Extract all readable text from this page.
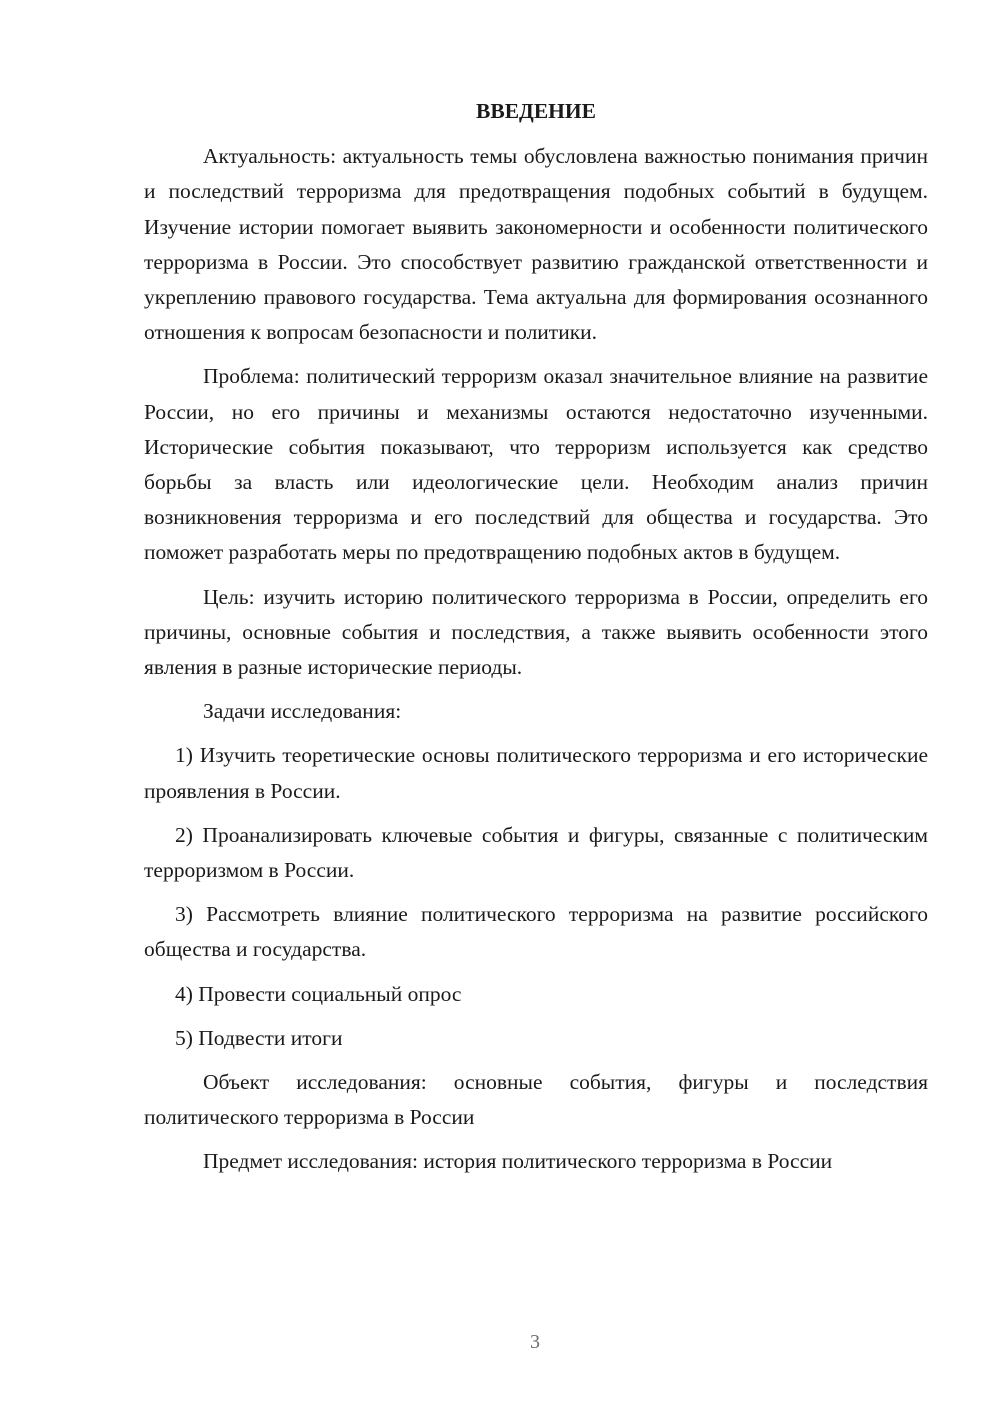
ВВЕДЕНИЕ

Актуальность: актуальность темы обусловлена важностью понимания причин и последствий терроризма для предотвращения подобных событий в будущем. Изучение истории помогает выявить закономерности и особенности политического терроризма в России. Это способствует развитию гражданской ответственности и укреплению правового государства. Тема актуальна для формирования осознанного отношения к вопросам безопасности и политики.

Проблема: политический терроризм оказал значительное влияние на развитие России, но его причины и механизмы остаются недостаточно изученными. Исторические события показывают, что терроризм используется как средство борьбы за власть или идеологические цели. Необходим анализ причин возникновения терроризма и его последствий для общества и государства. Это поможет разработать меры по предотвращению подобных актов в будущем.

Цель: изучить историю политического терроризма в России, определить его причины, основные события и последствия, а также выявить особенности этого явления в разные исторические периоды.

Задачи исследования:

1) Изучить теоретические основы политического терроризма и его исторические проявления в России.

2) Проанализировать ключевые события и фигуры, связанные с политическим терроризмом в России.

3) Рассмотреть влияние политического терроризма на развитие российского общества и государства.

4) Провести социальный опрос

5) Подвести итоги

Объект исследования: основные события, фигуры и последствия политического терроризма в России

Предмет исследования: история политического терроризма в России

3
